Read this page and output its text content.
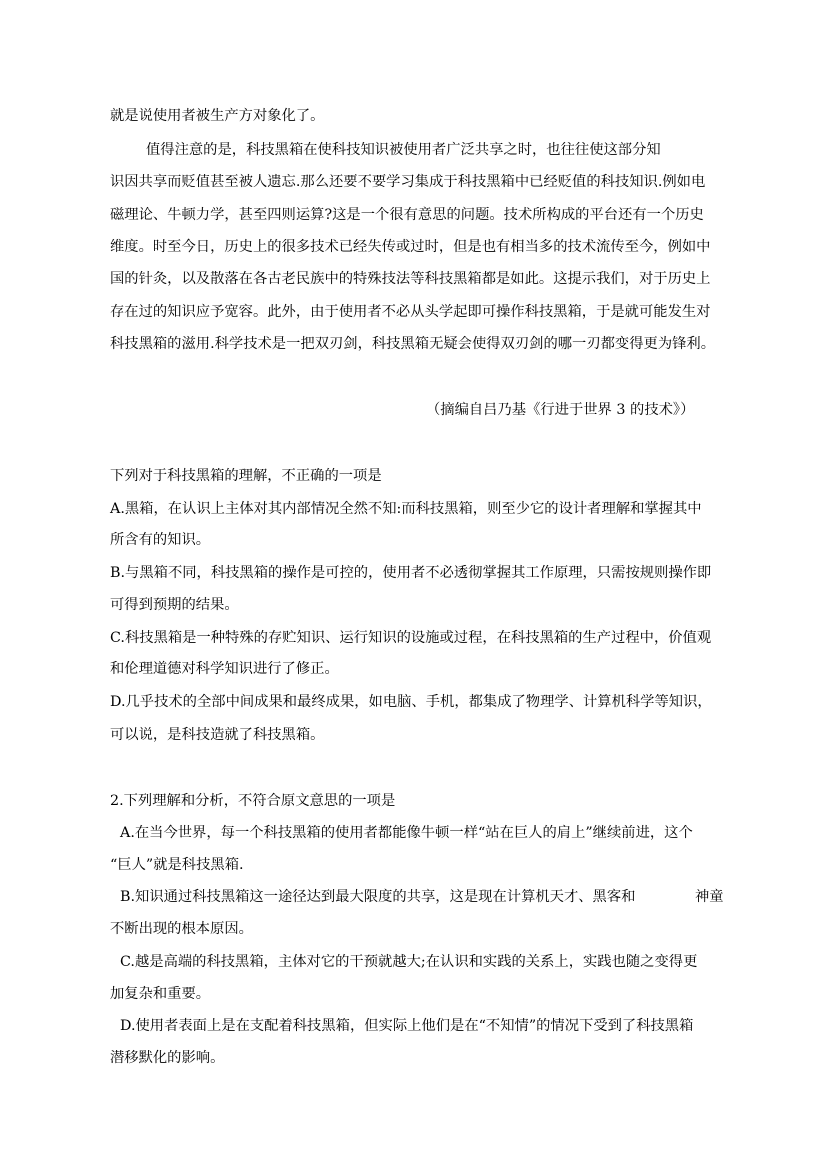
就是说使用者被生产方对象化了。
值得注意的是，科技黑箱在使科技知识被使用者广泛共享之时，也往往使这部分知
识因共享而贬值甚至被人遗忘.那么还要不要学习集成于科技黑箱中已经贬值的科技知识.例如电
磁理论、牛顿力学，甚至四则运算?这是一个很有意思的问题。技术所构成的平台还有一个历史
维度。时至今日，历史上的很多技术已经失传或过时，但是也有相当多的技术流传至今，例如中
国的针灸，以及散落在各古老民族中的特殊技法等科技黑箱都是如此。这提示我们，对于历史上
存在过的知识应予宽容。此外，由于使用者不必从头学起即可操作科技黑箱，于是就可能发生对
科技黑箱的滋用.科学技术是一把双刃剑，科技黑箱无疑会使得双刃剑的哪一刃都变得更为锋利。
（摘编自吕乃基《行进于世界 3 的技术》）
下列对于科技黑箱的理解，不正确的一项是
A.黑箱，在认识上主体对其内部情况全然不知:而科技黑箱，则至少它的设计者理解和掌握其中
所含有的知识。
B.与黑箱不同，科技黑箱的操作是可控的，使用者不必透彻掌握其工作原理，只需按规则操作即
可得到预期的结果。
C.科技黑箱是一种特殊的存贮知识、运行知识的设施或过程，在科技黑箱的生产过程中，价值观
和伦理道德对科学知识进行了修正。
D.几乎技术的全部中间成果和最终成果，如电脑、手机，都集成了物理学、计算机科学等知识，
可以说，是科技造就了科技黑箱。
2.下列理解和分析，不符合原文意思的一项是
A.在当今世界，每一个科技黑箱的使用者都能像牛顿一样“站在巨人的肩上”继续前进，这个
“巨人”就是科技黑箱.
B.知识通过科技黑箱这一途径达到最大限度的共享，这是现在计算机天才、黑客和	神童
不断出现的根本原因。
C.越是高端的科技黑箱，主体对它的干预就越大;在认识和实践的关系上，实践也随之变得更
加复杂和重要。
D.使用者表面上是在支配着科技黑箱，但实际上他们是在“不知情”的情况下受到了科技黑箱
潜移默化的影响。
